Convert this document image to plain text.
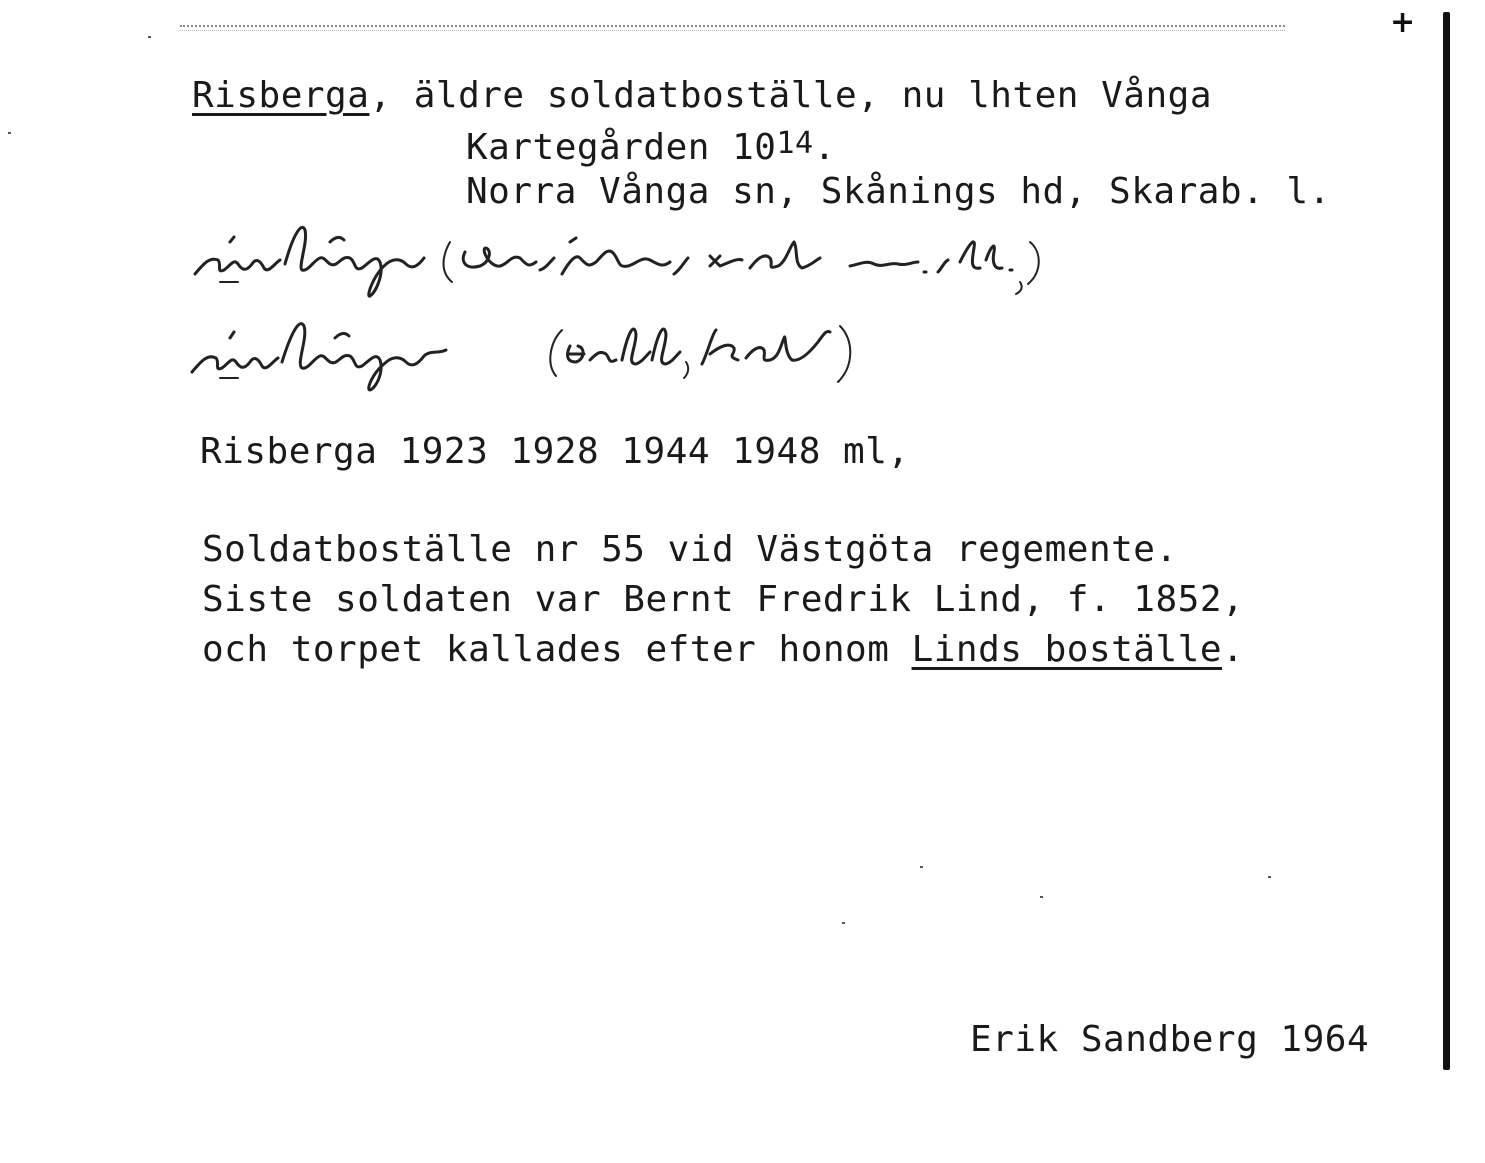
+
Risberga, äldre soldatboställe, nu lhten Vånga
Kartegården $10^{14}$.
Norra Vånga sn, Skånings hd, Skarab. l.
Risberga 1923 1928 1944 1948 ml,
Soldatboställe nr 55 vid Västgöta regemente.
Siste soldaten var Bernt Fredrik Lind, f. 1852,
och torpet kallades efter honom Linds boställe.
Erik Sandberg 1964
